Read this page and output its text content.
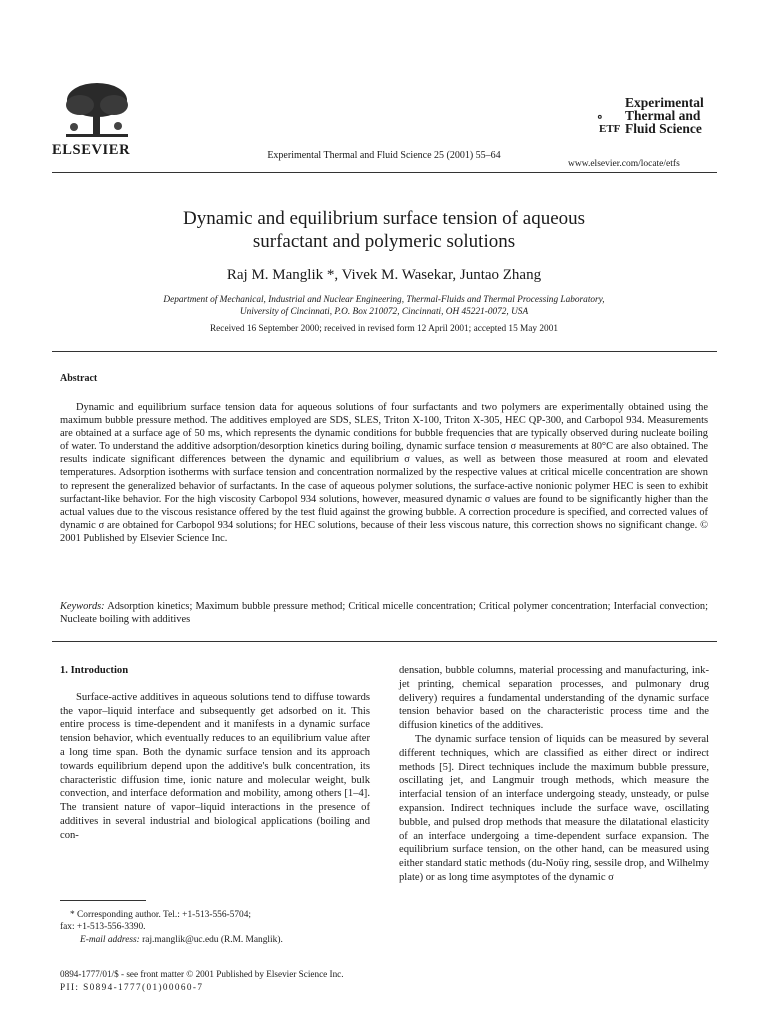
ELSEVIER	Experimental Thermal and Fluid Science 25 (2001) 55–64
ETF
Experimental
Thermal and
Fluid Science
www.elsevier.com/locate/etfs
Dynamic and equilibrium surface tension of aqueous
surfactant and polymeric solutions
Raj M. Manglik *, Vivek M. Wasekar, Juntao Zhang
Department of Mechanical, Industrial and Nuclear Engineering, Thermal-Fluids and Thermal Processing Laboratory,
University of Cincinnati, P.O. Box 210072, Cincinnati, OH 45221-0072, USA
Received 16 September 2000; received in revised form 12 April 2001; accepted 15 May 2001
Abstract

Dynamic and equilibrium surface tension data for aqueous solutions of four surfactants and two polymers are experimentally obtained using the maximum bubble pressure method. The additives employed are SDS, SLES, Triton X-100, Triton X-305, HEC QP-300, and Carbopol 934. Measurements are obtained at a surface age of 50 ms, which represents the dynamic conditions for bubble frequencies that are typically observed during nucleate boiling of water. To understand the additive adsorption/desorption kinetics during boiling, dynamic surface tension σ measurements at 80°C are also obtained. The results indicate significant differences between the dynamic and equilibrium σ values, as well as between those measured at room and elevated temperatures. Adsorption isotherms with surface tension and concentration normalized by the respective values at critical micelle concentration are shown to represent the generalized behavior of surfactants. In the case of aqueous polymer solutions, the surface-active nonionic polymer HEC is seen to exhibit surfactant-like behavior. For the high viscosity Carbopol 934 solutions, however, measured dynamic σ values are found to be significantly higher than the actual values due to the viscous resistance offered by the test fluid against the growing bubble. A correction procedure is specified, and corrected values of dynamic σ are obtained for Carbopol 934 solutions; for HEC solutions, because of their less viscous nature, this correction shows no significant change. © 2001 Published by Elsevier Science Inc.

Keywords: Adsorption kinetics; Maximum bubble pressure method; Critical micelle concentration; Critical polymer concentration; Interfacial convection; Nucleate boiling with additives

1. Introduction

Surface-active additives in aqueous solutions tend to diffuse towards the vapor–liquid interface and subsequently get adsorbed on it. This entire process is time-dependent and it manifests in a dynamic surface tension behavior, which eventually reduces to an equilibrium value after a long time span. Both the dynamic surface tension and its approach towards equilibrium depend upon the additive's bulk concentration, its characteristic diffusion time, ionic nature and molecular weight, bulk convection, and interface deformation and mobility, among others [1–4]. The transient nature of vapor–liquid interactions in the presence of additives in several industrial and biological applications (boiling and con-

densation, bubble columns, material processing and manufacturing, ink-jet printing, chemical separation processes, and pulmonary drug delivery) requires a fundamental understanding of the dynamic surface tension behavior based on the characteristic process time and the diffusion kinetics of the additives.

The dynamic surface tension of liquids can be measured by several different techniques, which are classified as either direct or indirect methods [5]. Direct techniques include the maximum bubble pressure, oscillating jet, and Langmuir trough methods, which measure the interfacial tension of an interface undergoing steady, unsteady, or pulse expansion. Indirect techniques include the surface wave, oscillating bubble, and pulsed drop methods that measure the dilatational elasticity of an interface undergoing a time-dependent surface expansion. The equilibrium surface tension, on the other hand, can be measured using either standard static methods (du-Noüy ring, sessile drop, and Wilhelmy plate) or as long time asymptotes of the dynamic σ

* Corresponding author. Tel.: +1-513-556-5704;
fax: +1-513-556-3390.
E-mail address: raj.manglik@uc.edu (R.M. Manglik).
0894-1777/01/$ - see front matter © 2001 Published by Elsevier Science Inc.
PII: S0894-1777(01)00060-7
